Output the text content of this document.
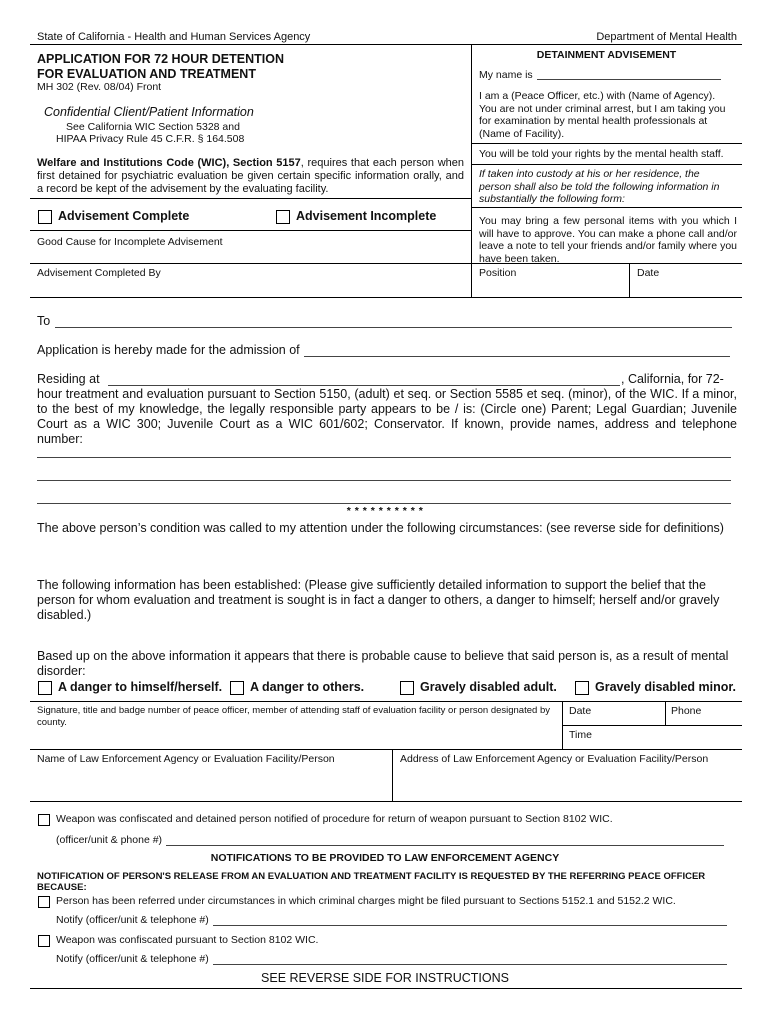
State of California - Health and Human Services Agency	Department of Mental Health
APPLICATION FOR 72 HOUR DETENTION
FOR EVALUATION AND TREATMENT
MH 302 (Rev. 08/04) Front
Confidential Client/Patient Information
See California WIC Section 5328 and
HIPAA Privacy Rule 45 C.F.R. § 164.508
Welfare and Institutions Code (WIC), Section 5157, requires that each person when first detained for psychiatric evaluation be given certain specific information orally, and a record be kept of the advisement by the evaluating facility.
Advisement Complete	Advisement Incomplete
Good Cause for Incomplete Advisement
Advisement Completed By	Position	Date
DETAINMENT ADVISEMENT
My name is
I am a (Peace Officer, etc.) with (Name of Agency). You are not under criminal arrest, but I am taking you for examination by mental health professionals at (Name of Facility).
You will be told your rights by the mental health staff.
If taken into custody at his or her residence, the person shall also be told the following information in substantially the following form:
You may bring a few personal items with you which I will have to approve. You can make a phone call and/or leave a note to tell your friends and/or family where you have been taken.
To
Application is hereby made for the admission of
Residing at	, California, for 72-
hour treatment and evaluation pursuant to Section 5150, (adult) et seq. or Section 5585 et seq. (minor), of the WIC. If a minor, to the best of my knowledge, the legally responsible party appears to be / is: (Circle one) Parent; Legal Guardian; Juvenile Court as a WIC 300; Juvenile Court as a WIC 601/602; Conservator. If known, provide names, address and telephone number:
* * * * * * * * * *
The above person’s condition was called to my attention under the following circumstances: (see reverse side for definitions)
The following information has been established: (Please give sufficiently detailed information to support the belief that the person for whom evaluation and treatment is sought is in fact a danger to others, a danger to himself; herself and/or gravely disabled.)
Based up on the above information it appears that there is probable cause to believe that said person is, as a result of mental disorder:
A danger to himself/herself. A danger to others.	Gravely disabled adult.	Gravely disabled minor.
Signature, title and badge number of peace officer, member of attending staff of evaluation facility or person designated by county.
Date	Phone
Time
Name of Law Enforcement Agency or Evaluation Facility/Person	Address of Law Enforcement Agency or Evaluation Facility/Person
Weapon was confiscated and detained person notified of procedure for return of weapon pursuant to Section 8102 WIC.
(officer/unit & phone #)
NOTIFICATIONS TO BE PROVIDED TO LAW ENFORCEMENT AGENCY
NOTIFICATION OF PERSON'S RELEASE FROM AN EVALUATION AND TREATMENT FACILITY IS REQUESTED BY THE REFERRING PEACE OFFICER BECAUSE:
Person has been referred under circumstances in which criminal charges might be filed pursuant to Sections 5152.1 and 5152.2 WIC.
Notify (officer/unit & telephone #)
Weapon was confiscated pursuant to Section 8102 WIC.
Notify (officer/unit & telephone #)
SEE REVERSE SIDE FOR INSTRUCTIONS
